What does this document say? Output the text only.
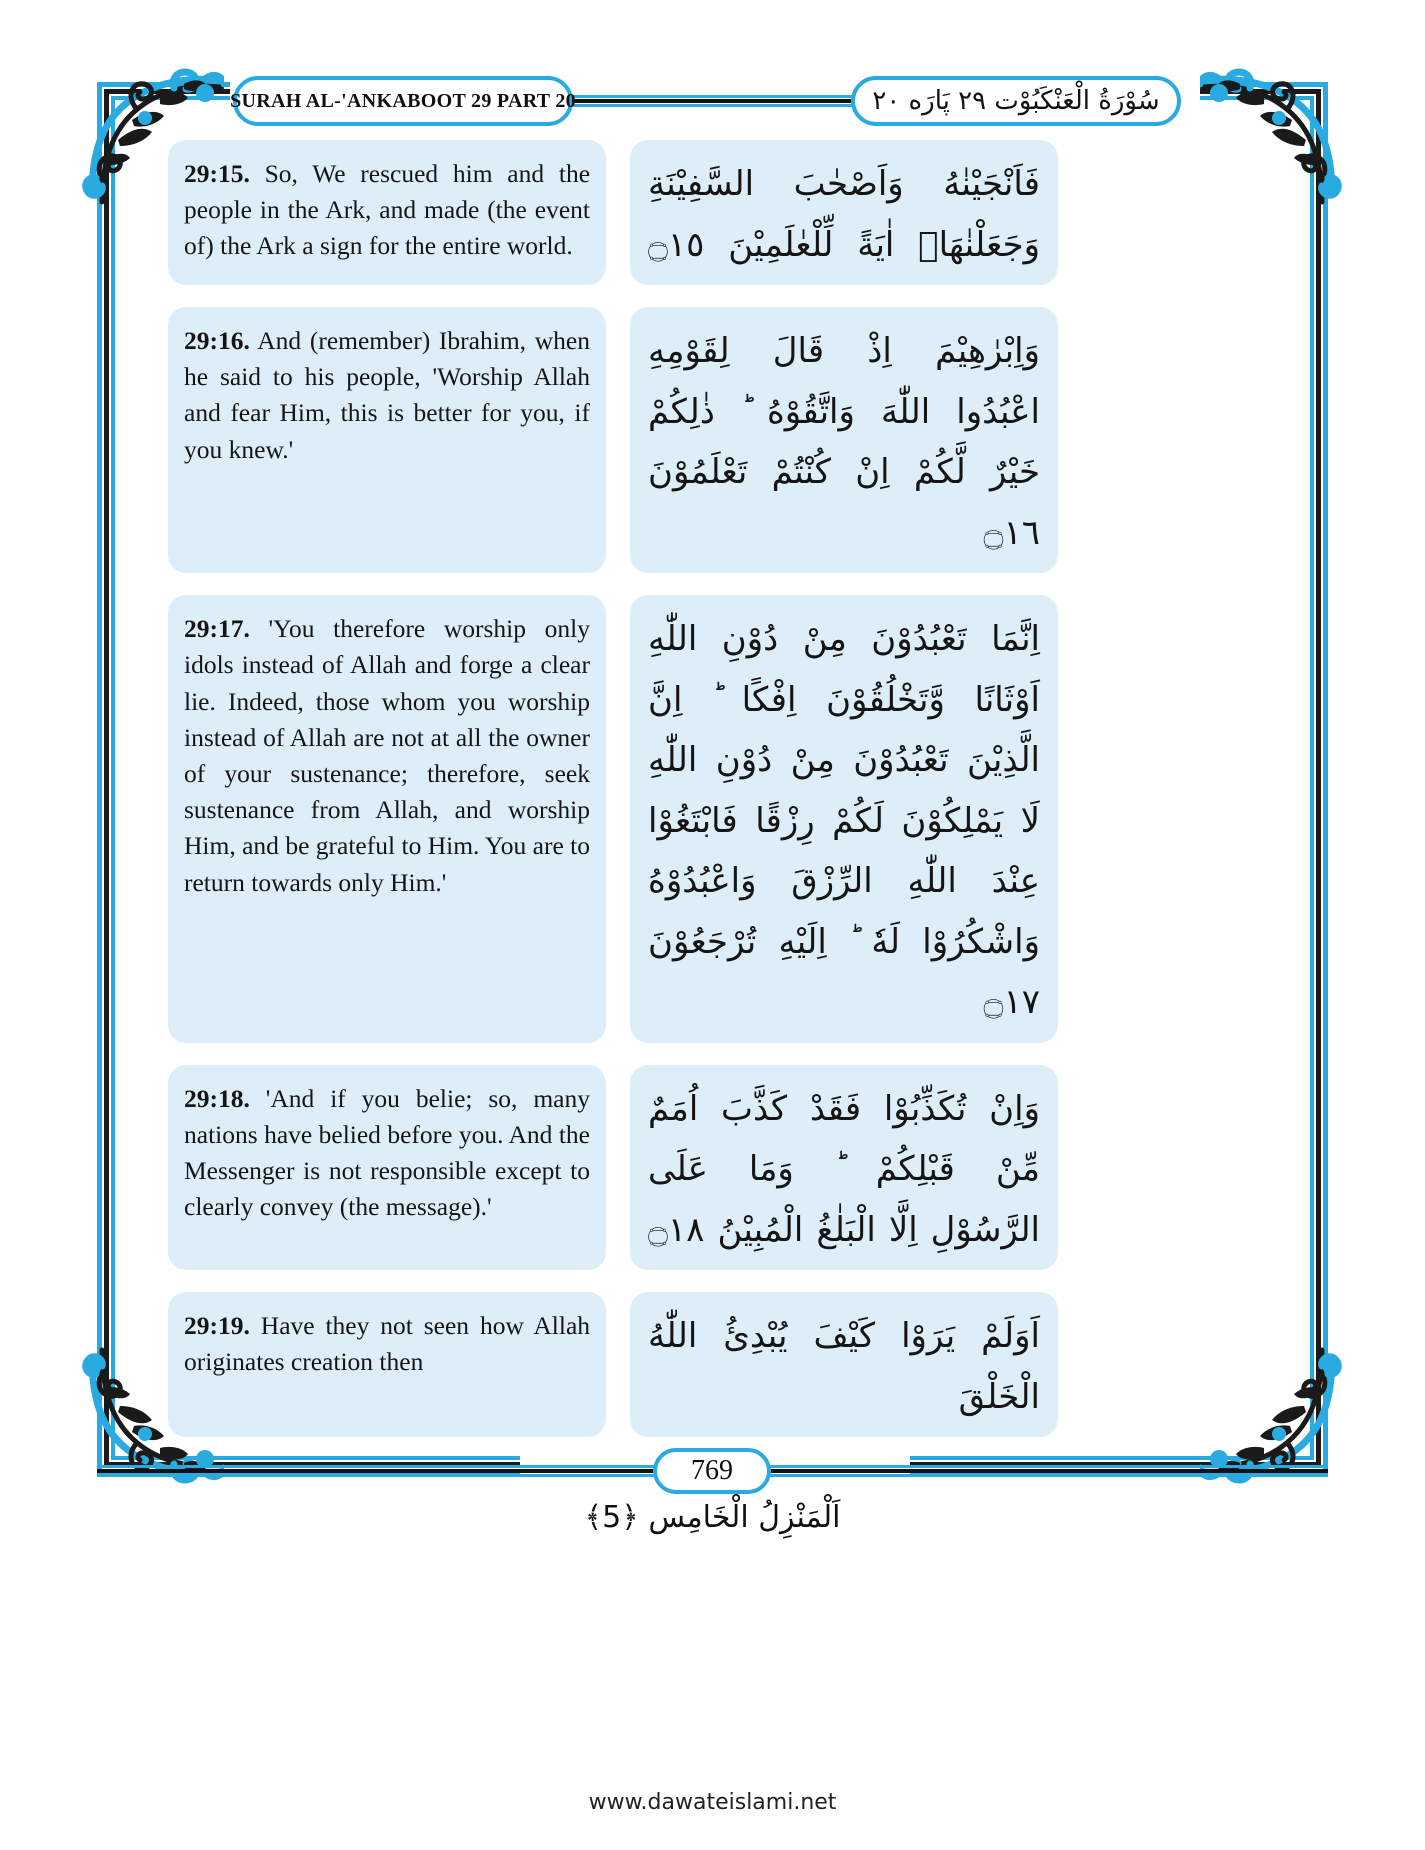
SURAH AL-'ANKABOOT 29 PART 20	سُوْرَةُ الْعَنْكَبُوْت ٢٩ پَارَه ٢٠

29:15. So, We rescued him and the people in the Ark, and made (the event of) the Ark a sign for the entire world.

فَاَنْجَيْنٰهُ وَاَصْحٰبَ السَّفِيْنَةِ وَجَعَلْنٰهَاۤ اٰيَةً لِّلْعٰلَمِيْنَ ۝١٥

29:16. And (remember) Ibrahim, when he said to his people, 'Worship Allah and fear Him, this is better for you, if you knew.'

وَاِبْرٰهِيْمَ اِذْ قَالَ لِقَوْمِهِ اعْبُدُوا اللّٰهَ وَاتَّقُوْهُ ؕ ذٰلِكُمْ خَيْرٌ لَّكُمْ اِنْ كُنْتُمْ تَعْلَمُوْنَ ۝١٦

29:17. 'You therefore worship only idols instead of Allah and forge a clear lie. Indeed, those whom you worship instead of Allah are not at all the owner of your sustenance; therefore, seek sustenance from Allah, and worship Him, and be grateful to Him. You are to return towards only Him.'

اِنَّمَا تَعْبُدُوْنَ مِنْ دُوْنِ اللّٰهِ اَوْثَانًا وَّتَخْلُقُوْنَ اِفْكًا ؕ اِنَّ الَّذِيْنَ تَعْبُدُوْنَ مِنْ دُوْنِ اللّٰهِ لَا يَمْلِكُوْنَ لَكُمْ رِزْقًا فَابْتَغُوْا عِنْدَ اللّٰهِ الرِّزْقَ وَاعْبُدُوْهُ وَاشْكُرُوْا لَهٗ ؕ اِلَيْهِ تُرْجَعُوْنَ ۝١٧

29:18. 'And if you belie; so, many nations have belied before you. And the Messenger is not responsible except to clearly convey (the message).'

وَاِنْ تُكَذِّبُوْا فَقَدْ كَذَّبَ اُمَمٌ مِّنْ قَبْلِكُمْ ؕ وَمَا عَلَى الرَّسُوْلِ اِلَّا الْبَلٰغُ الْمُبِيْنُ ۝١٨

29:19. Have they not seen how Allah originates creation then

اَوَلَمْ يَرَوْا كَيْفَ يُبْدِئُ اللّٰهُ الْخَلْقَ

769
اَلْمَنْزِلُ الْخَامِس ﴿5﴾
www.dawateislami.net
